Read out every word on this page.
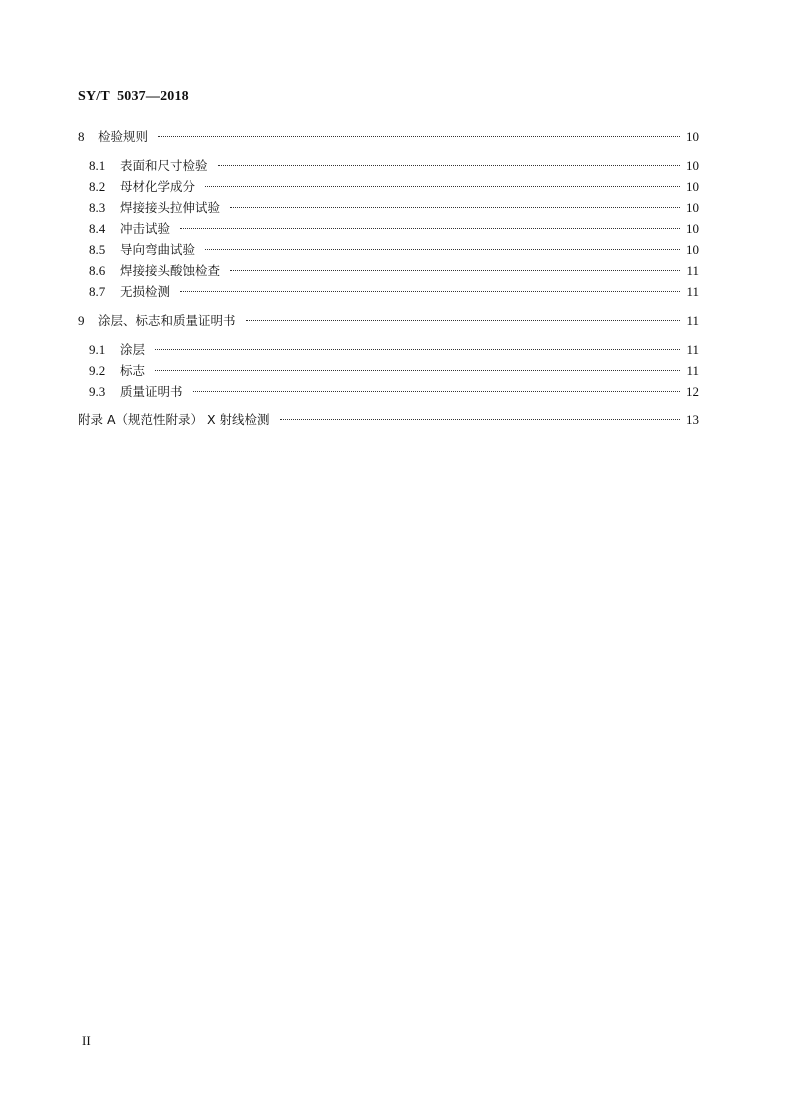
SY/T  5037—2018
8	检验规则	10
8.1	表面和尺寸检验	10
8.2	母材化学成分	10
8.3	焊接接头拉伸试验	10
8.4	冲击试验	10
8.5	导向弯曲试验	10
8.6	焊接接头酸蚀检查	11
8.7	无损检测	11
9	涂层、标志和质量证明书	11
9.1	涂层	11
9.2	标志	11
9.3	质量证明书	12
附录 A（规范性附录） X 射线检测	13
II
